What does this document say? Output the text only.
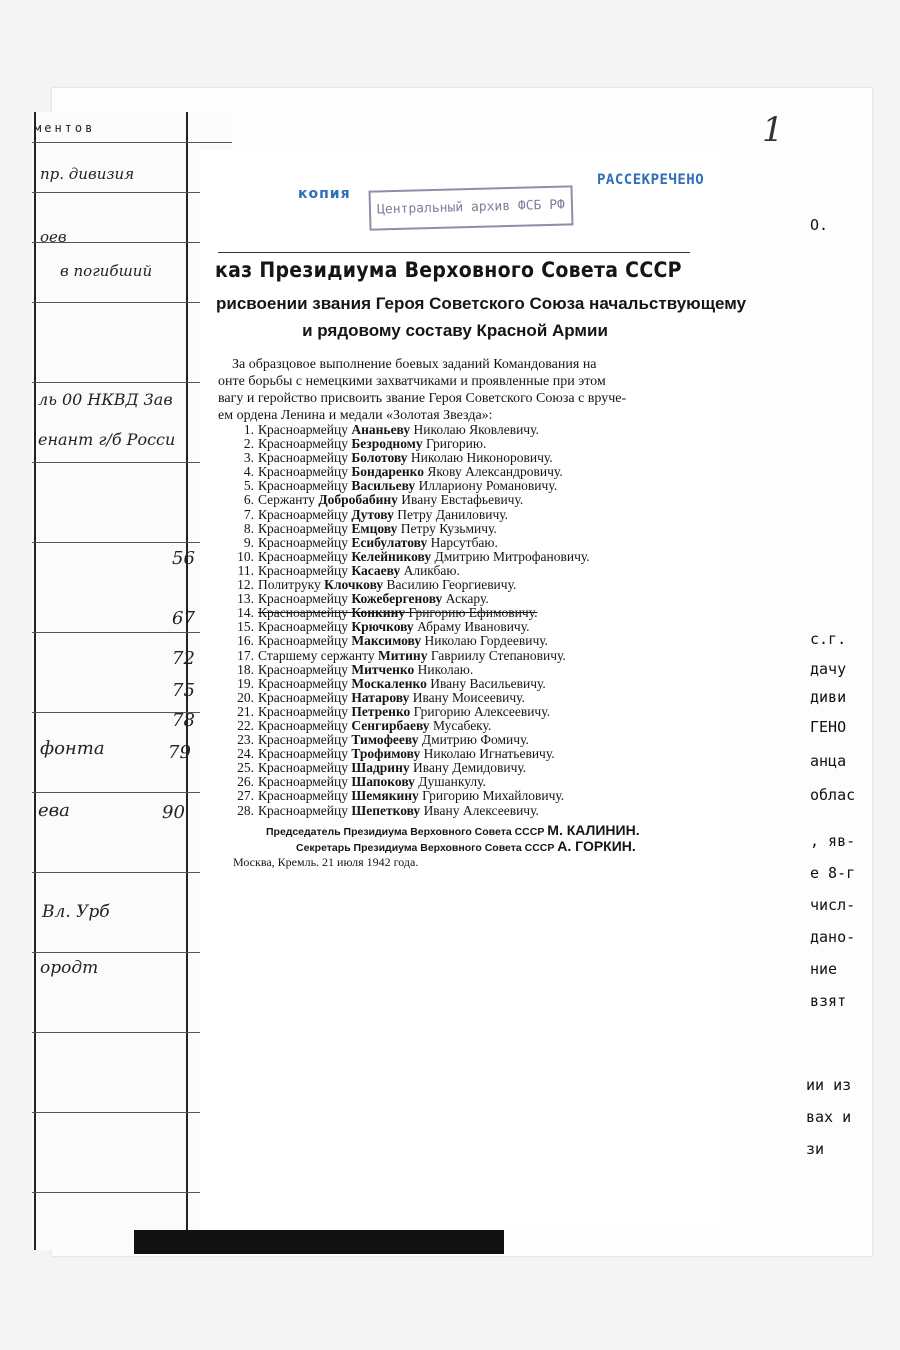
ментов
пр. дивизия
оев
в погибший
ль 00 НКВД 3ав
енант г/б Росси
фонта
ева
Вл. Урб
ородт
56
67
72
75
78
79
90
копия
РАССЕКРЕЧЕНО
Центральный архив ФСБ РФ
каз Президиума Верховного Совета СССР
рисвоении звания Героя Советского Союза начальствующему
и рядовому составу Красной Армии

За образцовое выполнение боевых заданий Командования на

онте борьбы с немецкими захватчиками и проявленные при этом

вагу и геройство присвоить звание Героя Советского Союза с вруче-

ем ордена Ленина и медали «Золотая Звезда»:

1. Красноармейцу Ананьеву Николаю Яковлевичу.
2. Красноармейцу Безродному Григорию.
3. Красноармейцу Болотову Николаю Никоноровичу.
4. Красноармейцу Бондаренко Якову Александровичу.
5. Красноармейцу Васильеву Иллариону Романовичу.
6. Сержанту Добробабину Ивану Евстафьевичу.
7. Красноармейцу Дутову Петру Даниловичу.
8. Красноармейцу Емцову Петру Кузьмичу.
9. Красноармейцу Есибулатову Нарсутбаю.
10. Красноармейцу Келейникову Дмитрию Митрофановичу.
11. Красноармейцу Касаеву Аликбаю.
12. Политруку Клочкову Василию Георгиевичу.
13. Красноармейцу Кожебергенову Аскару.
14. Красноармейцу Конкину Григорию Ефимовичу.
15. Красноармейцу Крючкову Абраму Ивановичу.
16. Красноармейцу Максимову Николаю Гордеевичу.
17. Старшему сержанту Митину Гавриилу Степановичу.
18. Красноармейцу Митченко Николаю.
19. Красноармейцу Москаленко Ивану Васильевичу.
20. Красноармейцу Натарову Ивану Моисеевичу.
21. Красноармейцу Петренко Григорию Алексеевичу.
22. Красноармейцу Сенгирбаеву Мусабеку.
23. Красноармейцу Тимофееву Дмитрию Фомичу.
24. Красноармейцу Трофимову Николаю Игнатьевичу.
25. Красноармейцу Шадрину Ивану Демидовичу.
26. Красноармейцу Шапокову Душанкулу.
27. Красноармейцу Шемякину Григорию Михайловичу.
28. Красноармейцу Шепеткову Ивану Алексеевичу.
Председатель Президиума Верховного Совета СССР М. КАЛИНИН.
Секретарь Президиума Верховного Совета СССР А. ГОРКИН.
Москва, Кремль. 21 июля 1942 года.
О.
с.г.
дачу
диви
ГЕНО
анца
облас
, яв-
е 8-г
числ-
дано-
ние
взят
ии из
вах и
зи
1
